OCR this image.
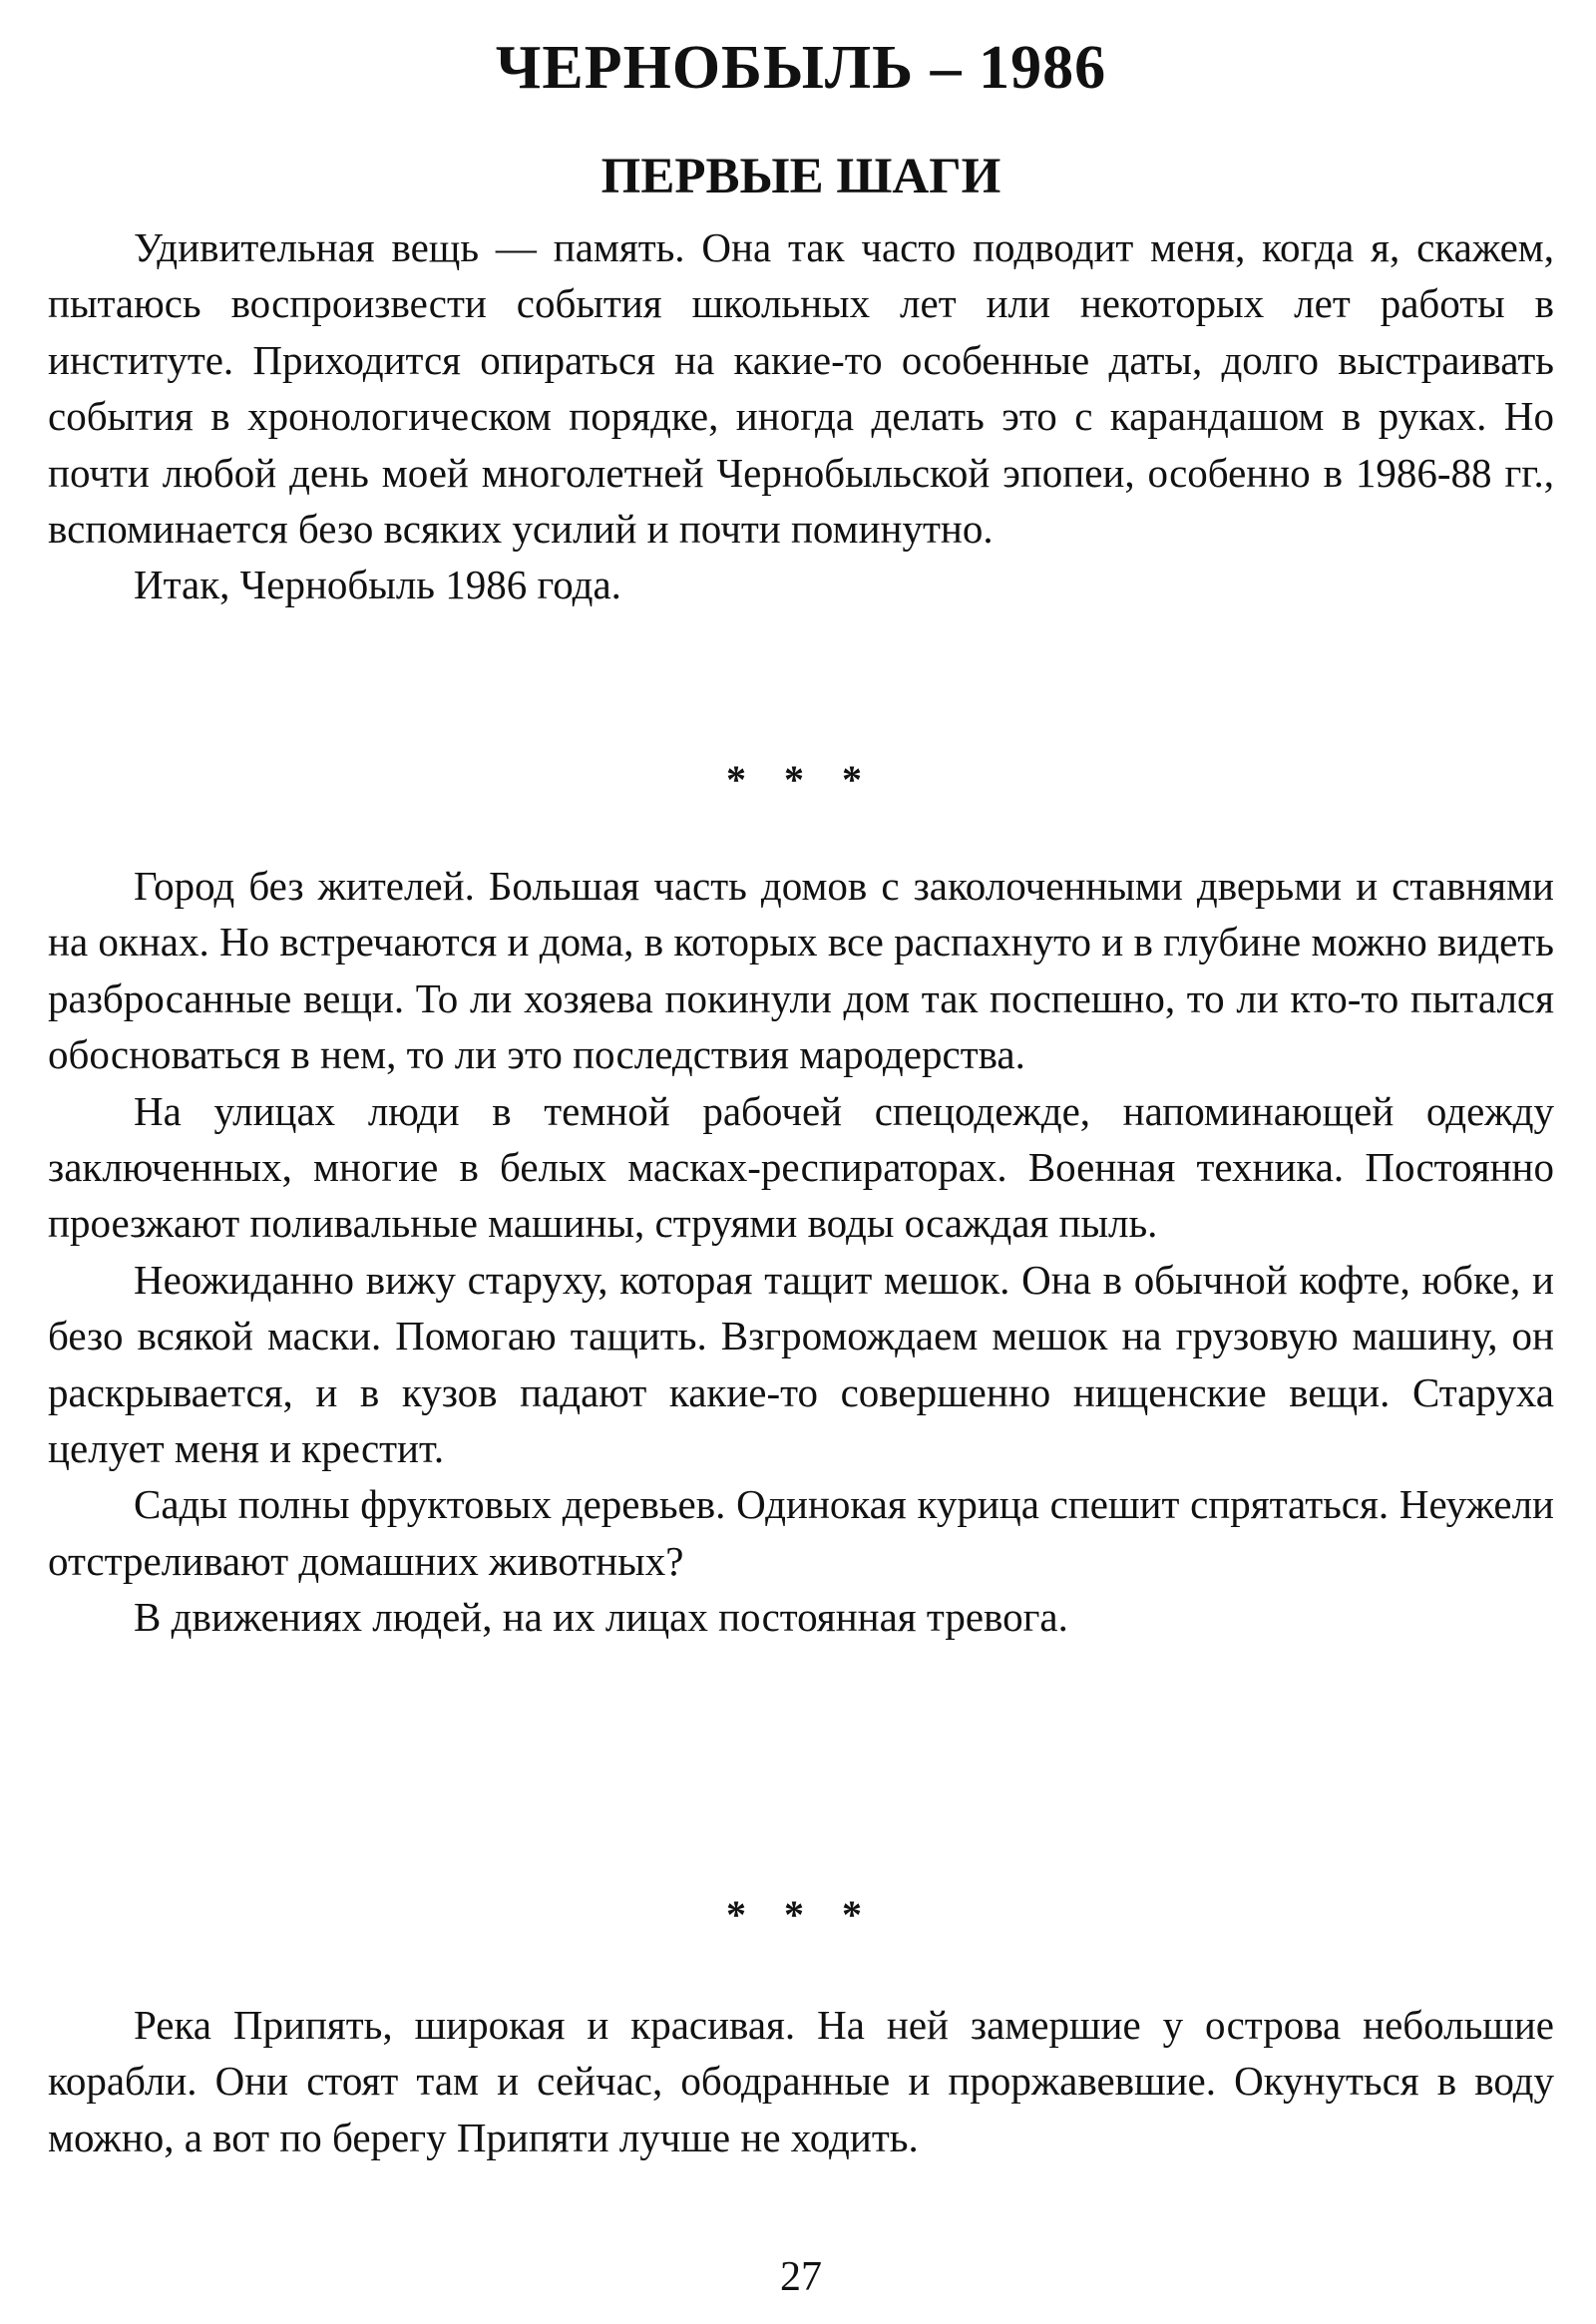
ЧЕРНОБЫЛЬ – 1986
ПЕРВЫЕ ШАГИ

Удивительная вещь — память. Она так часто подводит меня, когда я, скажем, пытаюсь воспроизвести события школьных лет или некоторых лет работы в институте. Приходится опираться на какие-то особенные даты, долго выстраивать события в хронологическом порядке, иногда делать это с карандашом в руках. Но почти любой день моей многолетней Чернобыльской эпопеи, особенно в 1986-88 гг., вспоминается безо всяких усилий и почти поминутно.

Итак, Чернобыль 1986 года.

* * *

Город без жителей. Большая часть домов с заколоченными дверьми и ставнями на окнах. Но встречаются и дома, в которых все распахнуто и в глубине можно видеть разбросанные вещи. То ли хозяева покинули дом так поспешно, то ли кто-то пытался обосноваться в нем, то ли это последствия мародерства.

На улицах люди в темной рабочей спецодежде, напоминающей одежду заключенных, многие в белых масках-респираторах. Военная техника. Постоянно проезжают поливальные машины, струями воды осаждая пыль.

Неожиданно вижу старуху, которая тащит мешок. Она в обычной кофте, юбке, и безо всякой маски. Помогаю тащить. Взгромождаем мешок на грузовую машину, он раскрывается, и в кузов падают какие-то совершенно нищенские вещи. Старуха целует меня и крестит.

Сады полны фруктовых деревьев. Одинокая курица спешит спрятаться. Неужели отстреливают домашних животных?

В движениях людей, на их лицах постоянная тревога.

* * *

Река Припять, широкая и красивая. На ней замершие у острова небольшие корабли. Они стоят там и сейчас, ободранные и проржавевшие. Окунуться в воду можно, а вот по берегу Припяти лучше не ходить.

27
